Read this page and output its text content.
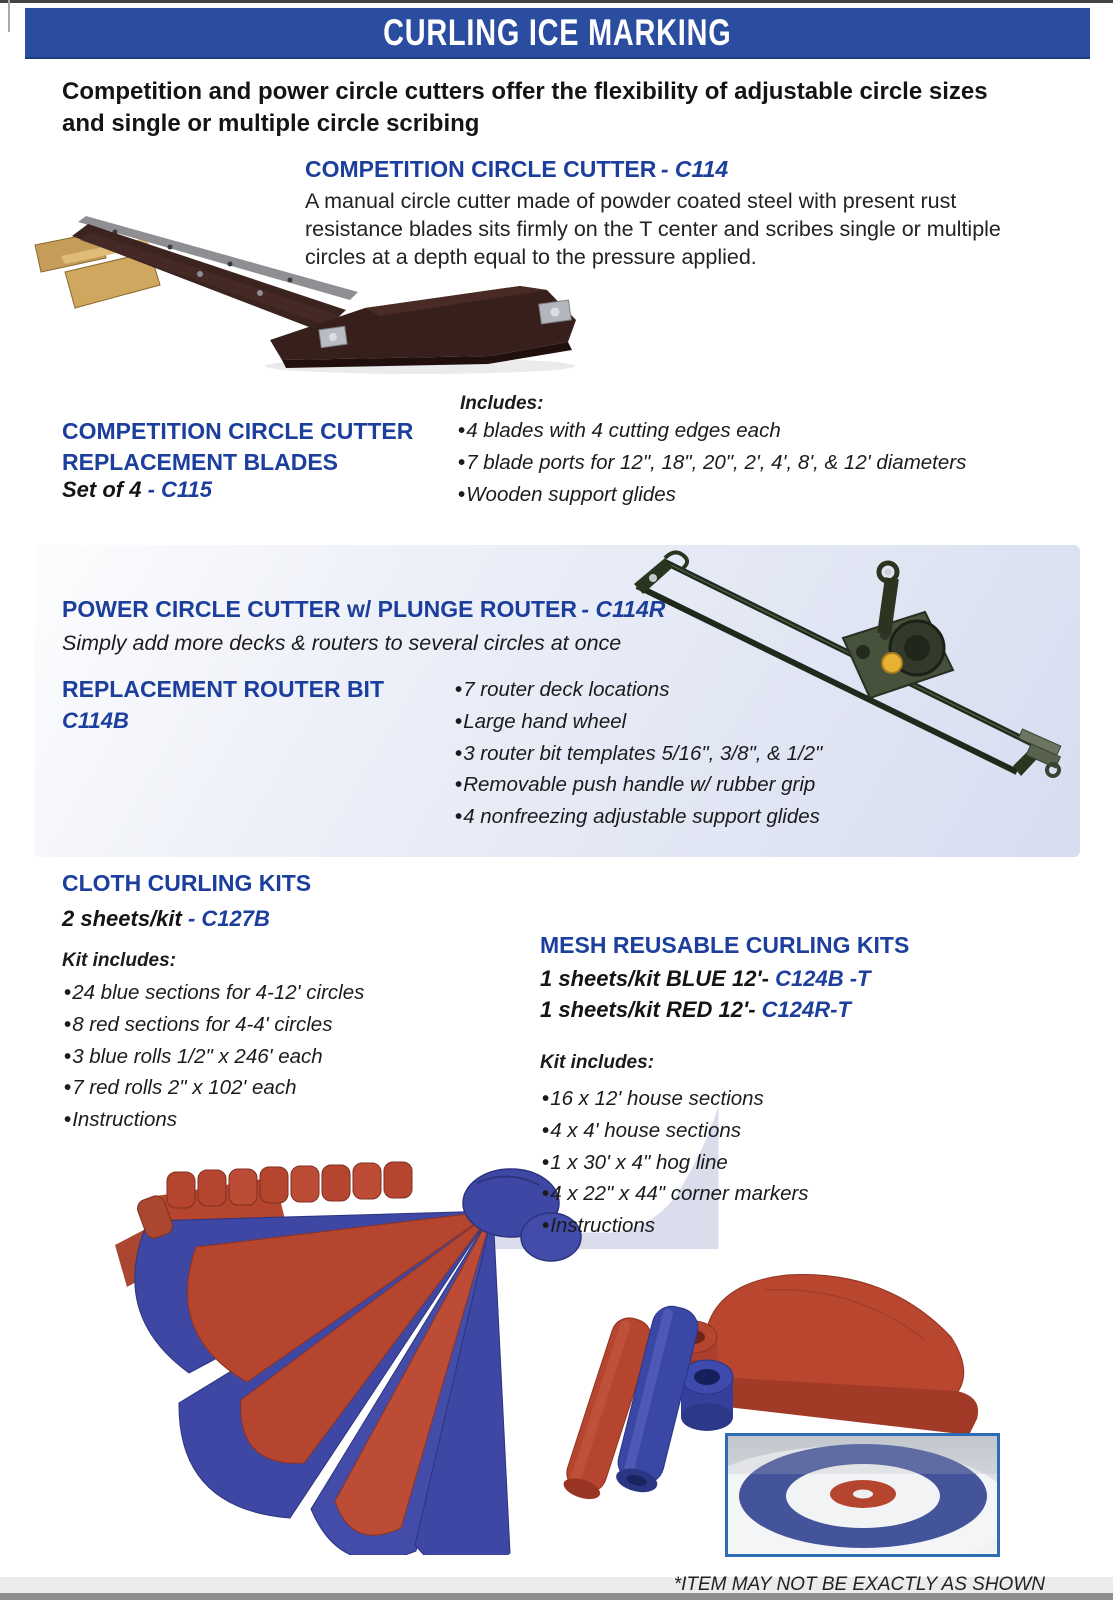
CURLING ICE MARKING
Competition and power circle cutters offer the flexibility of adjustable circle sizes and single or multiple circle scribing
COMPETITION CIRCLE CUTTER - C114
A manual circle cutter made of powder coated steel with present rust resistance blades sits firmly on the T center and scribes single or multiple circles at a depth equal to the pressure applied.
COMPETITION CIRCLE CUTTER
REPLACEMENT BLADES
Set of 4 - C115
Includes:
• 4 blades with 4 cutting edges each
• 7 blade ports for 12", 18", 20", 2', 4', 8', & 12' diameters
• Wooden support glides
POWER CIRCLE CUTTER w/ PLUNGE ROUTER - C114R
Simply add more decks & routers to several circles at once
REPLACEMENT ROUTER BIT
C114B
• 7 router deck locations
• Large hand wheel
• 3 router bit templates 5/16", 3/8", & 1/2"
• Removable push handle w/ rubber grip
• 4 nonfreezing adjustable support glides
CLOTH CURLING KITS
2 sheets/kit - C127B
Kit includes:
• 24 blue sections for 4-12' circles
• 8 red sections for 4-4' circles
• 3 blue rolls 1/2" x 246' each
• 7 red rolls 2" x 102' each
• Instructions
MESH REUSABLE CURLING KITS
1 sheets/kit BLUE 12'- C124B -T
1 sheets/kit RED 12'- C124R-T
Kit includes:
• 16 x 12' house sections
• 4 x 4' house sections
• 1 x 30' x 4" hog line
• 4 x 22" x 44" corner markers
• Instructions
*ITEM MAY NOT BE EXACTLY AS SHOWN
